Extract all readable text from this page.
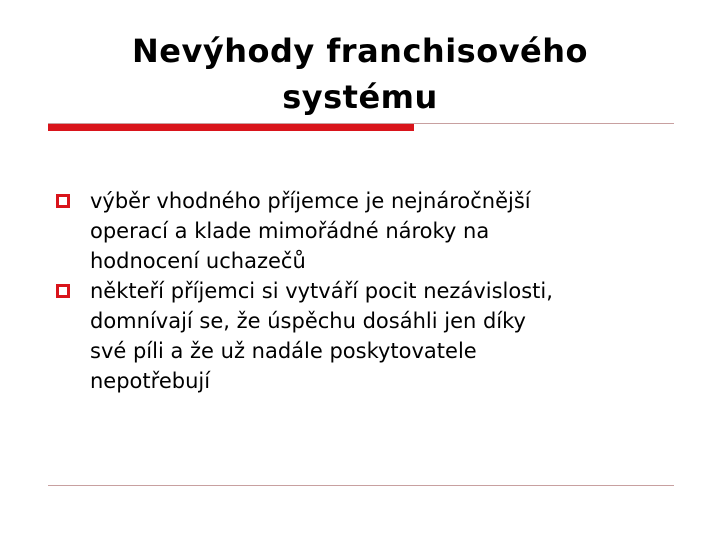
Nevýhody franchisového
systému
výběr vhodného příjemce je nejnáročnější
operací a klade mimořádné nároky na
hodnocení uchazečů
někteří příjemci si vytváří pocit nezávislosti,
domnívají se, že úspěchu dosáhli jen díky
své píli a že už nadále poskytovatele
nepotřebují
